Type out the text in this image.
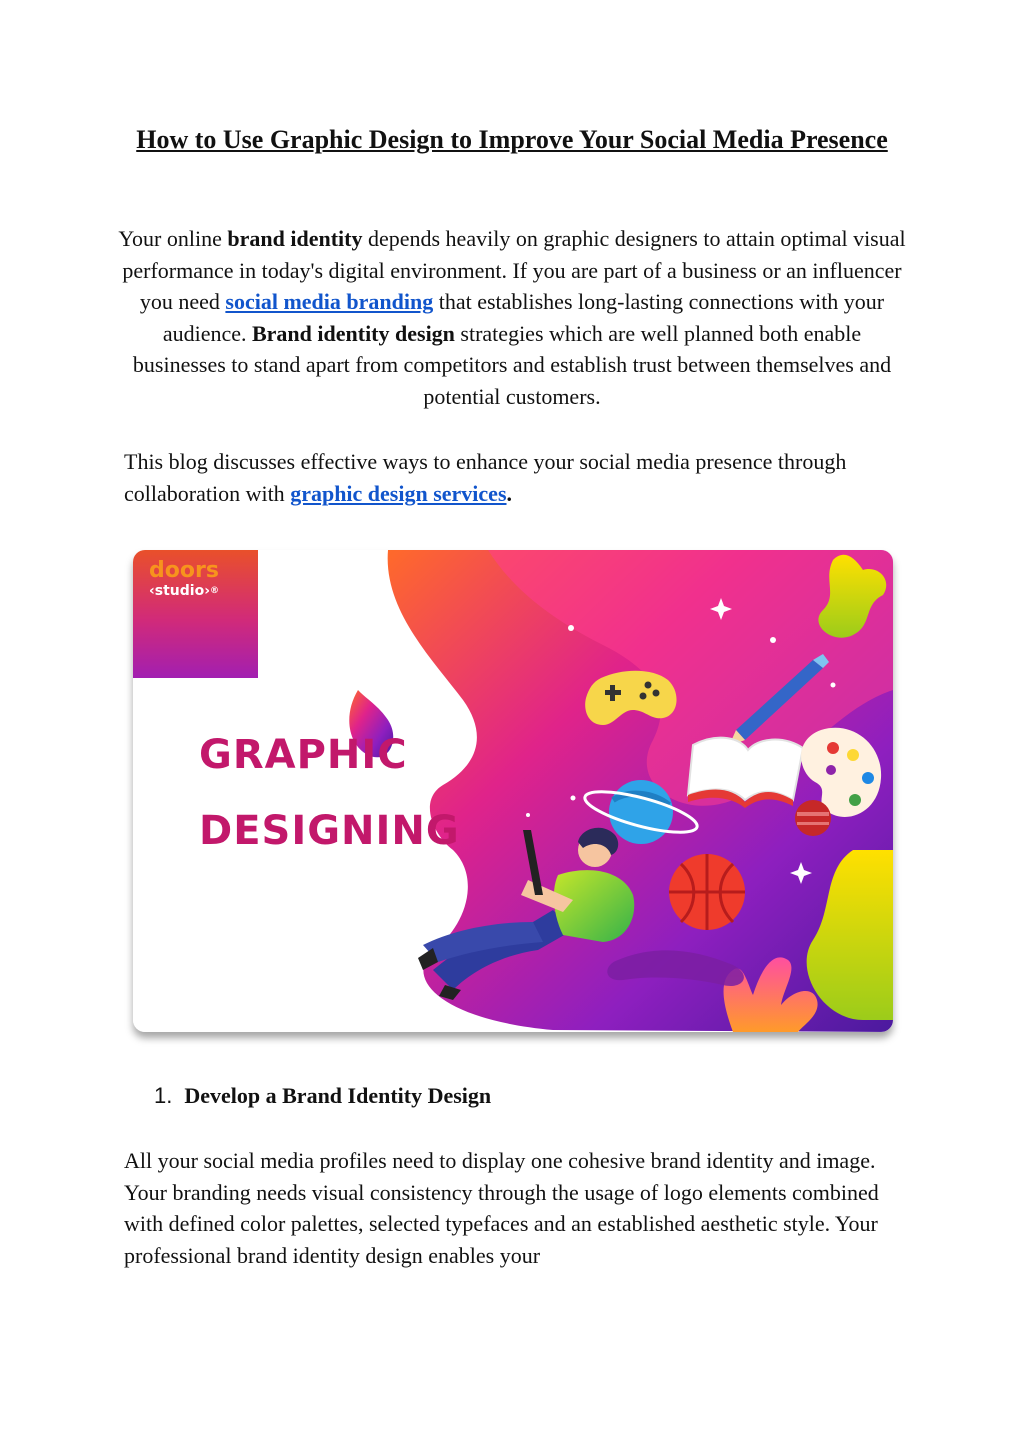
How to Use Graphic Design to Improve Your Social Media Presence

Your online brand identity depends heavily on graphic designers to attain optimal visual performance in today's digital environment. If you are part of a business or an influencer you need social media branding that establishes long-lasting connections with your audience. Brand identity design strategies which are well planned both enable businesses to stand apart from competitors and establish trust between themselves and potential customers.

This blog discusses effective ways to enhance your social media presence through collaboration with graphic design services.

doors
‹studio›®
GRAPHIC
DESIGNING

1. Develop a Brand Identity Design

All your social media profiles need to display one cohesive brand identity and image. Your branding needs visual consistency through the usage of logo elements combined with defined color palettes, selected typefaces and an established aesthetic style. Your professional brand identity design enables your
